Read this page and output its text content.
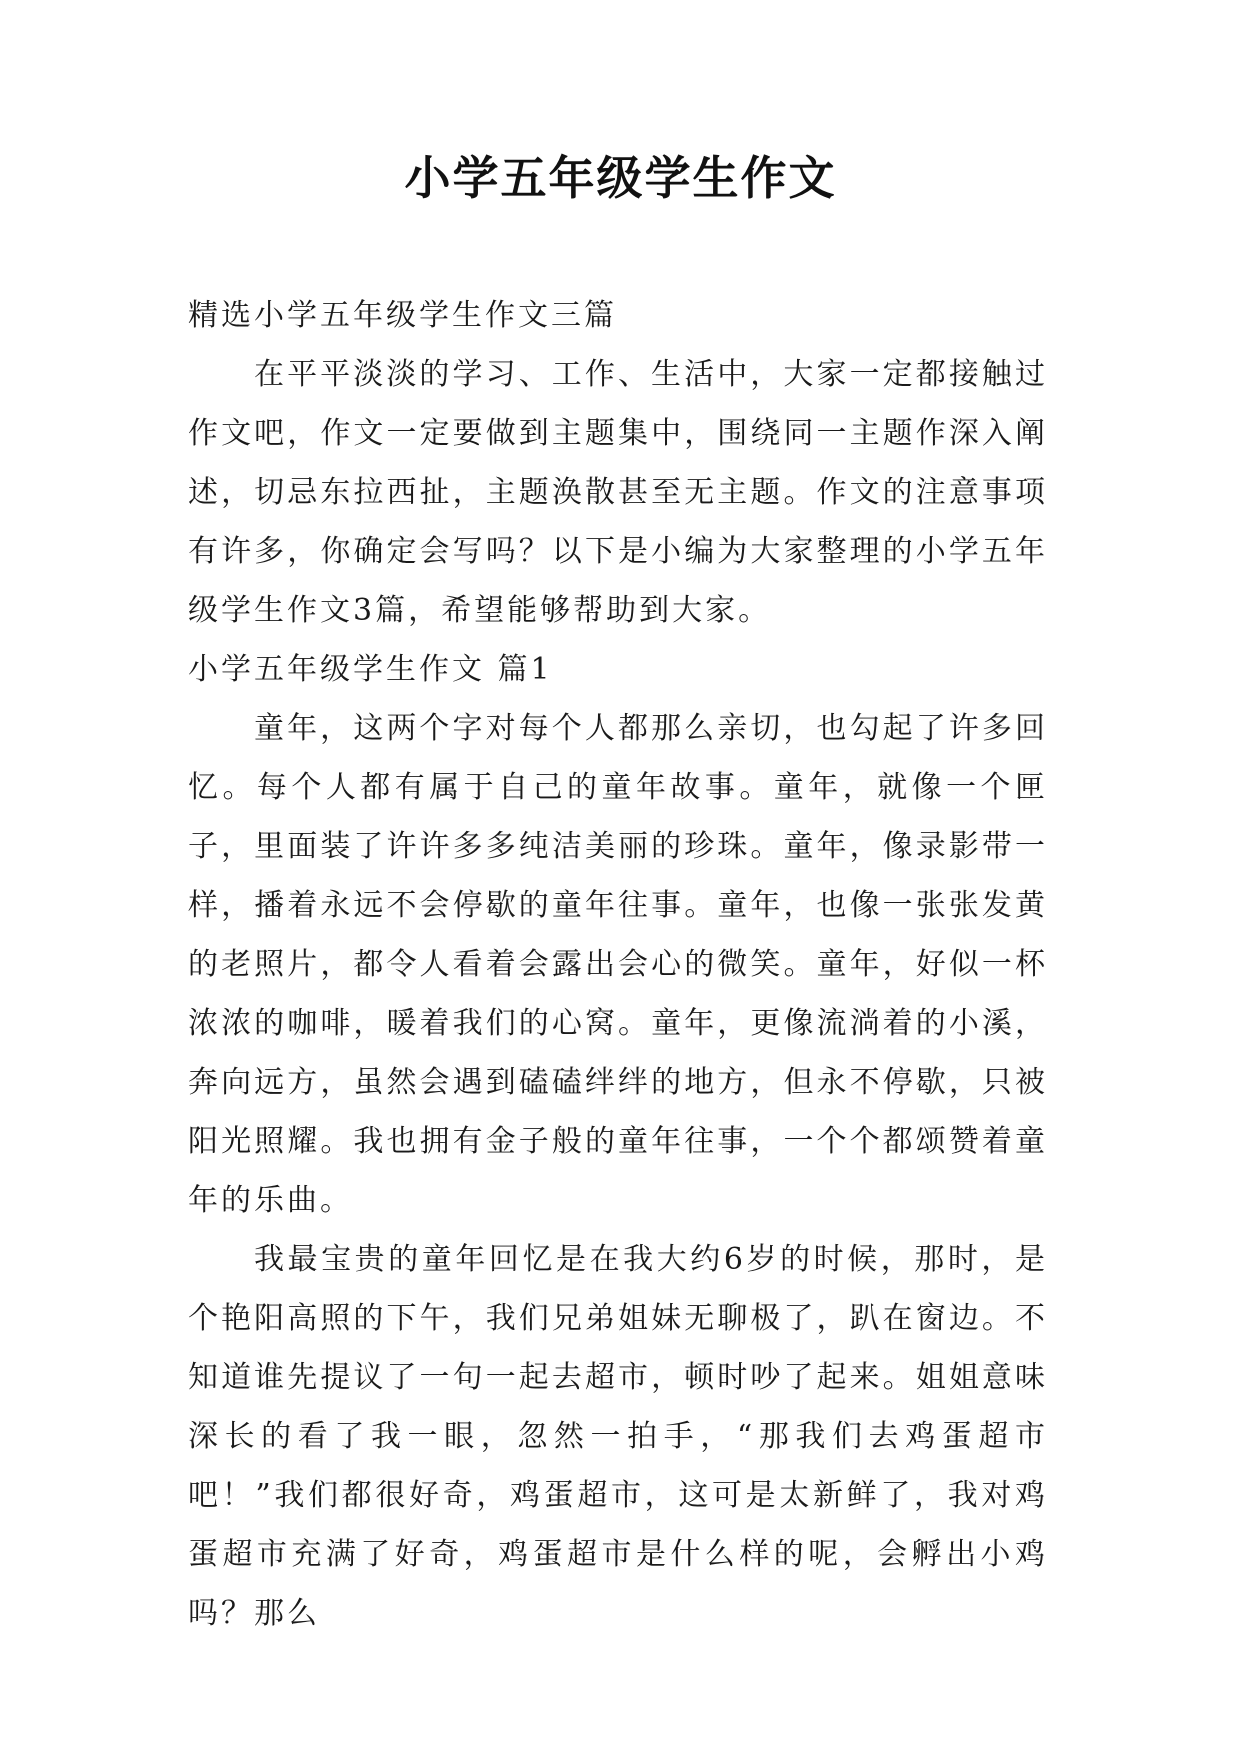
小学五年级学生作文

精选小学五年级学生作文三篇

在平平淡淡的学习、工作、生活中，大家一定都接触过作文吧，作文一定要做到主题集中，围绕同一主题作深入阐述，切忌东拉西扯，主题涣散甚至无主题。作文的注意事项有许多，你确定会写吗？以下是小编为大家整理的小学五年级学生作文3篇，希望能够帮助到大家。

小学五年级学生作文 篇1

童年，这两个字对每个人都那么亲切，也勾起了许多回忆。每个人都有属于自己的童年故事。童年，就像一个匣子，里面装了许许多多纯洁美丽的珍珠。童年，像录影带一样，播着永远不会停歇的童年往事。童年，也像一张张发黄的老照片，都令人看着会露出会心的微笑。童年，好似一杯浓浓的咖啡，暖着我们的心窝。童年，更像流淌着的小溪，奔向远方，虽然会遇到磕磕绊绊的地方，但永不停歇，只被阳光照耀。我也拥有金子般的童年往事，一个个都颂赞着童年的乐曲。

我最宝贵的童年回忆是在我大约6岁的时候，那时，是个艳阳高照的下午，我们兄弟姐妹无聊极了，趴在窗边。不知道谁先提议了一句一起去超市，顿时吵了起来。姐姐意味深长的看了我一眼，忽然一拍手，“那我们去鸡蛋超市吧！”我们都很好奇，鸡蛋超市，这可是太新鲜了，我对鸡蛋超市充满了好奇，鸡蛋超市是什么样的呢，会孵出小鸡吗？那么
